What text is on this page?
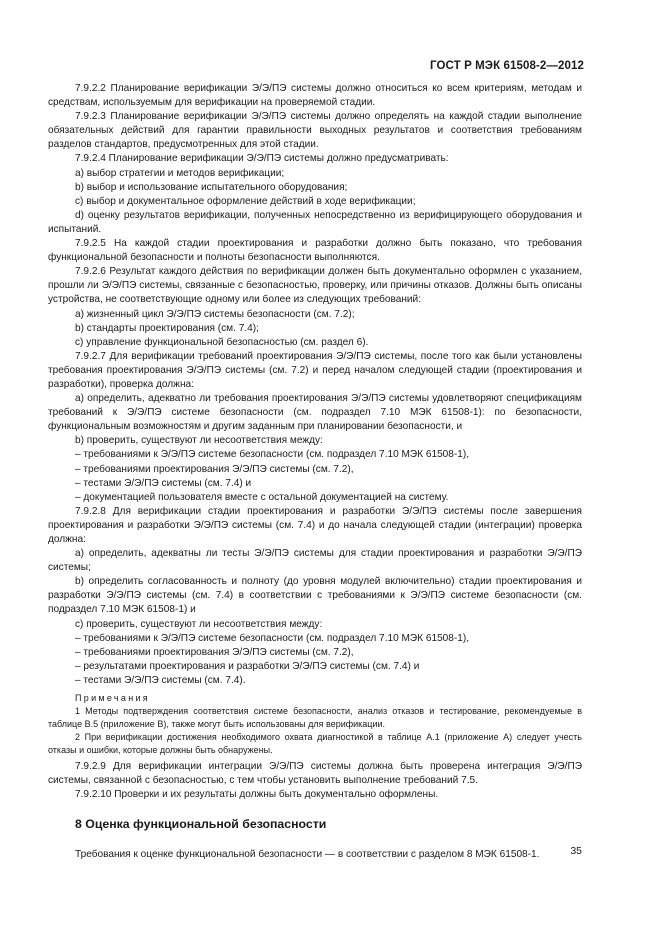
ГОСТ Р МЭК 61508-2—2012

7.9.2.2 Планирование верификации Э/Э/ПЭ системы должно относиться ко всем критериям, методам и средствам, используемым для верификации на проверяемой стадии.

7.9.2.3 Планирование верификации Э/Э/ПЭ системы должно определять на каждой стадии выполнение обязательных действий для гарантии правильности выходных результатов и соответствия требованиям разделов стандартов, предусмотренных для этой стадии.

7.9.2.4 Планирование верификации Э/Э/ПЭ системы должно предусматривать:

a) выбор стратегии и методов верификации;

b) выбор и использование испытательного оборудования;

c) выбор и документальное оформление действий в ходе верификации;

d) оценку результатов верификации, полученных непосредственно из верифицирующего оборудования и испытаний.

7.9.2.5 На каждой стадии проектирования и разработки должно быть показано, что требования функциональной безопасности и полноты безопасности выполняются.

7.9.2.6 Результат каждого действия по верификации должен быть документально оформлен с указанием, прошли ли Э/Э/ПЭ системы, связанные с безопасностью, проверку, или причины отказов. Должны быть описаны устройства, не соответствующие одному или более из следующих требований:

a) жизненный цикл Э/Э/ПЭ системы безопасности (см. 7.2);

b) стандарты проектирования (см. 7.4);

c) управление функциональной безопасностью (см. раздел 6).

7.9.2.7 Для верификации требований проектирования Э/Э/ПЭ системы, после того как были установлены требования проектирования Э/Э/ПЭ системы (см. 7.2) и перед началом следующей стадии (проектирования и разработки), проверка должна:

a) определить, адекватно ли требования проектирования Э/Э/ПЭ системы удовлетворяют спецификациям требований к Э/Э/ПЭ системе безопасности (см. подраздел 7.10 МЭК 61508-1): по безопасности, функциональным возможностям и другим заданным при планировании безопасности, и

b) проверить, существуют ли несоответствия между:

– требованиями к Э/Э/ПЭ системе безопасности (см. подраздел 7.10 МЭК 61508-1),

– требованиями проектирования Э/Э/ПЭ системы (см. 7.2),

– тестами Э/Э/ПЭ системы (см. 7.4) и

– документацией пользователя вместе с остальной документацией на систему.

7.9.2.8 Для верификации стадии проектирования и разработки Э/Э/ПЭ системы после завершения проектирования и разработки Э/Э/ПЭ системы (см. 7.4) и до начала следующей стадии (интеграции) проверка должна:

a) определить, адекватны ли тесты Э/Э/ПЭ системы для стадии проектирования и разработки Э/Э/ПЭ системы;

b) определить согласованность и полноту (до уровня модулей включительно) стадии проектирования и разработки Э/Э/ПЭ системы (см. 7.4) в соответствии с требованиями к Э/Э/ПЭ системе безопасности (см. подраздел 7.10 МЭК 61508-1) и

c) проверить, существуют ли несоответствия между:

– требованиями к Э/Э/ПЭ системе безопасности (см. подраздел 7.10 МЭК 61508-1),

– требованиями проектирования Э/Э/ПЭ системы (см. 7.2),

– результатами проектирования и разработки Э/Э/ПЭ системы (см. 7.4) и

– тестами Э/Э/ПЭ системы (см. 7.4).

Примечания

1 Методы подтверждения соответствия системе безопасности, анализ отказов и тестирование, рекомендуемые в таблице В.5 (приложение В), также могут быть использованы для верификации.

2 При верификации достижения необходимого охвата диагностикой в таблице А.1 (приложение А) следует учесть отказы и ошибки, которые должны быть обнаружены.

7.9.2.9 Для верификации интеграции Э/Э/ПЭ системы должна быть проверена интеграция Э/Э/ПЭ системы, связанной с безопасностью, с тем чтобы установить выполнение требований 7.5.

7.9.2.10 Проверки и их результаты должны быть документально оформлены.

8 Оценка функциональной безопасности

Требования к оценке функциональной безопасности — в соответствии с разделом 8 МЭК 61508-1.	35
